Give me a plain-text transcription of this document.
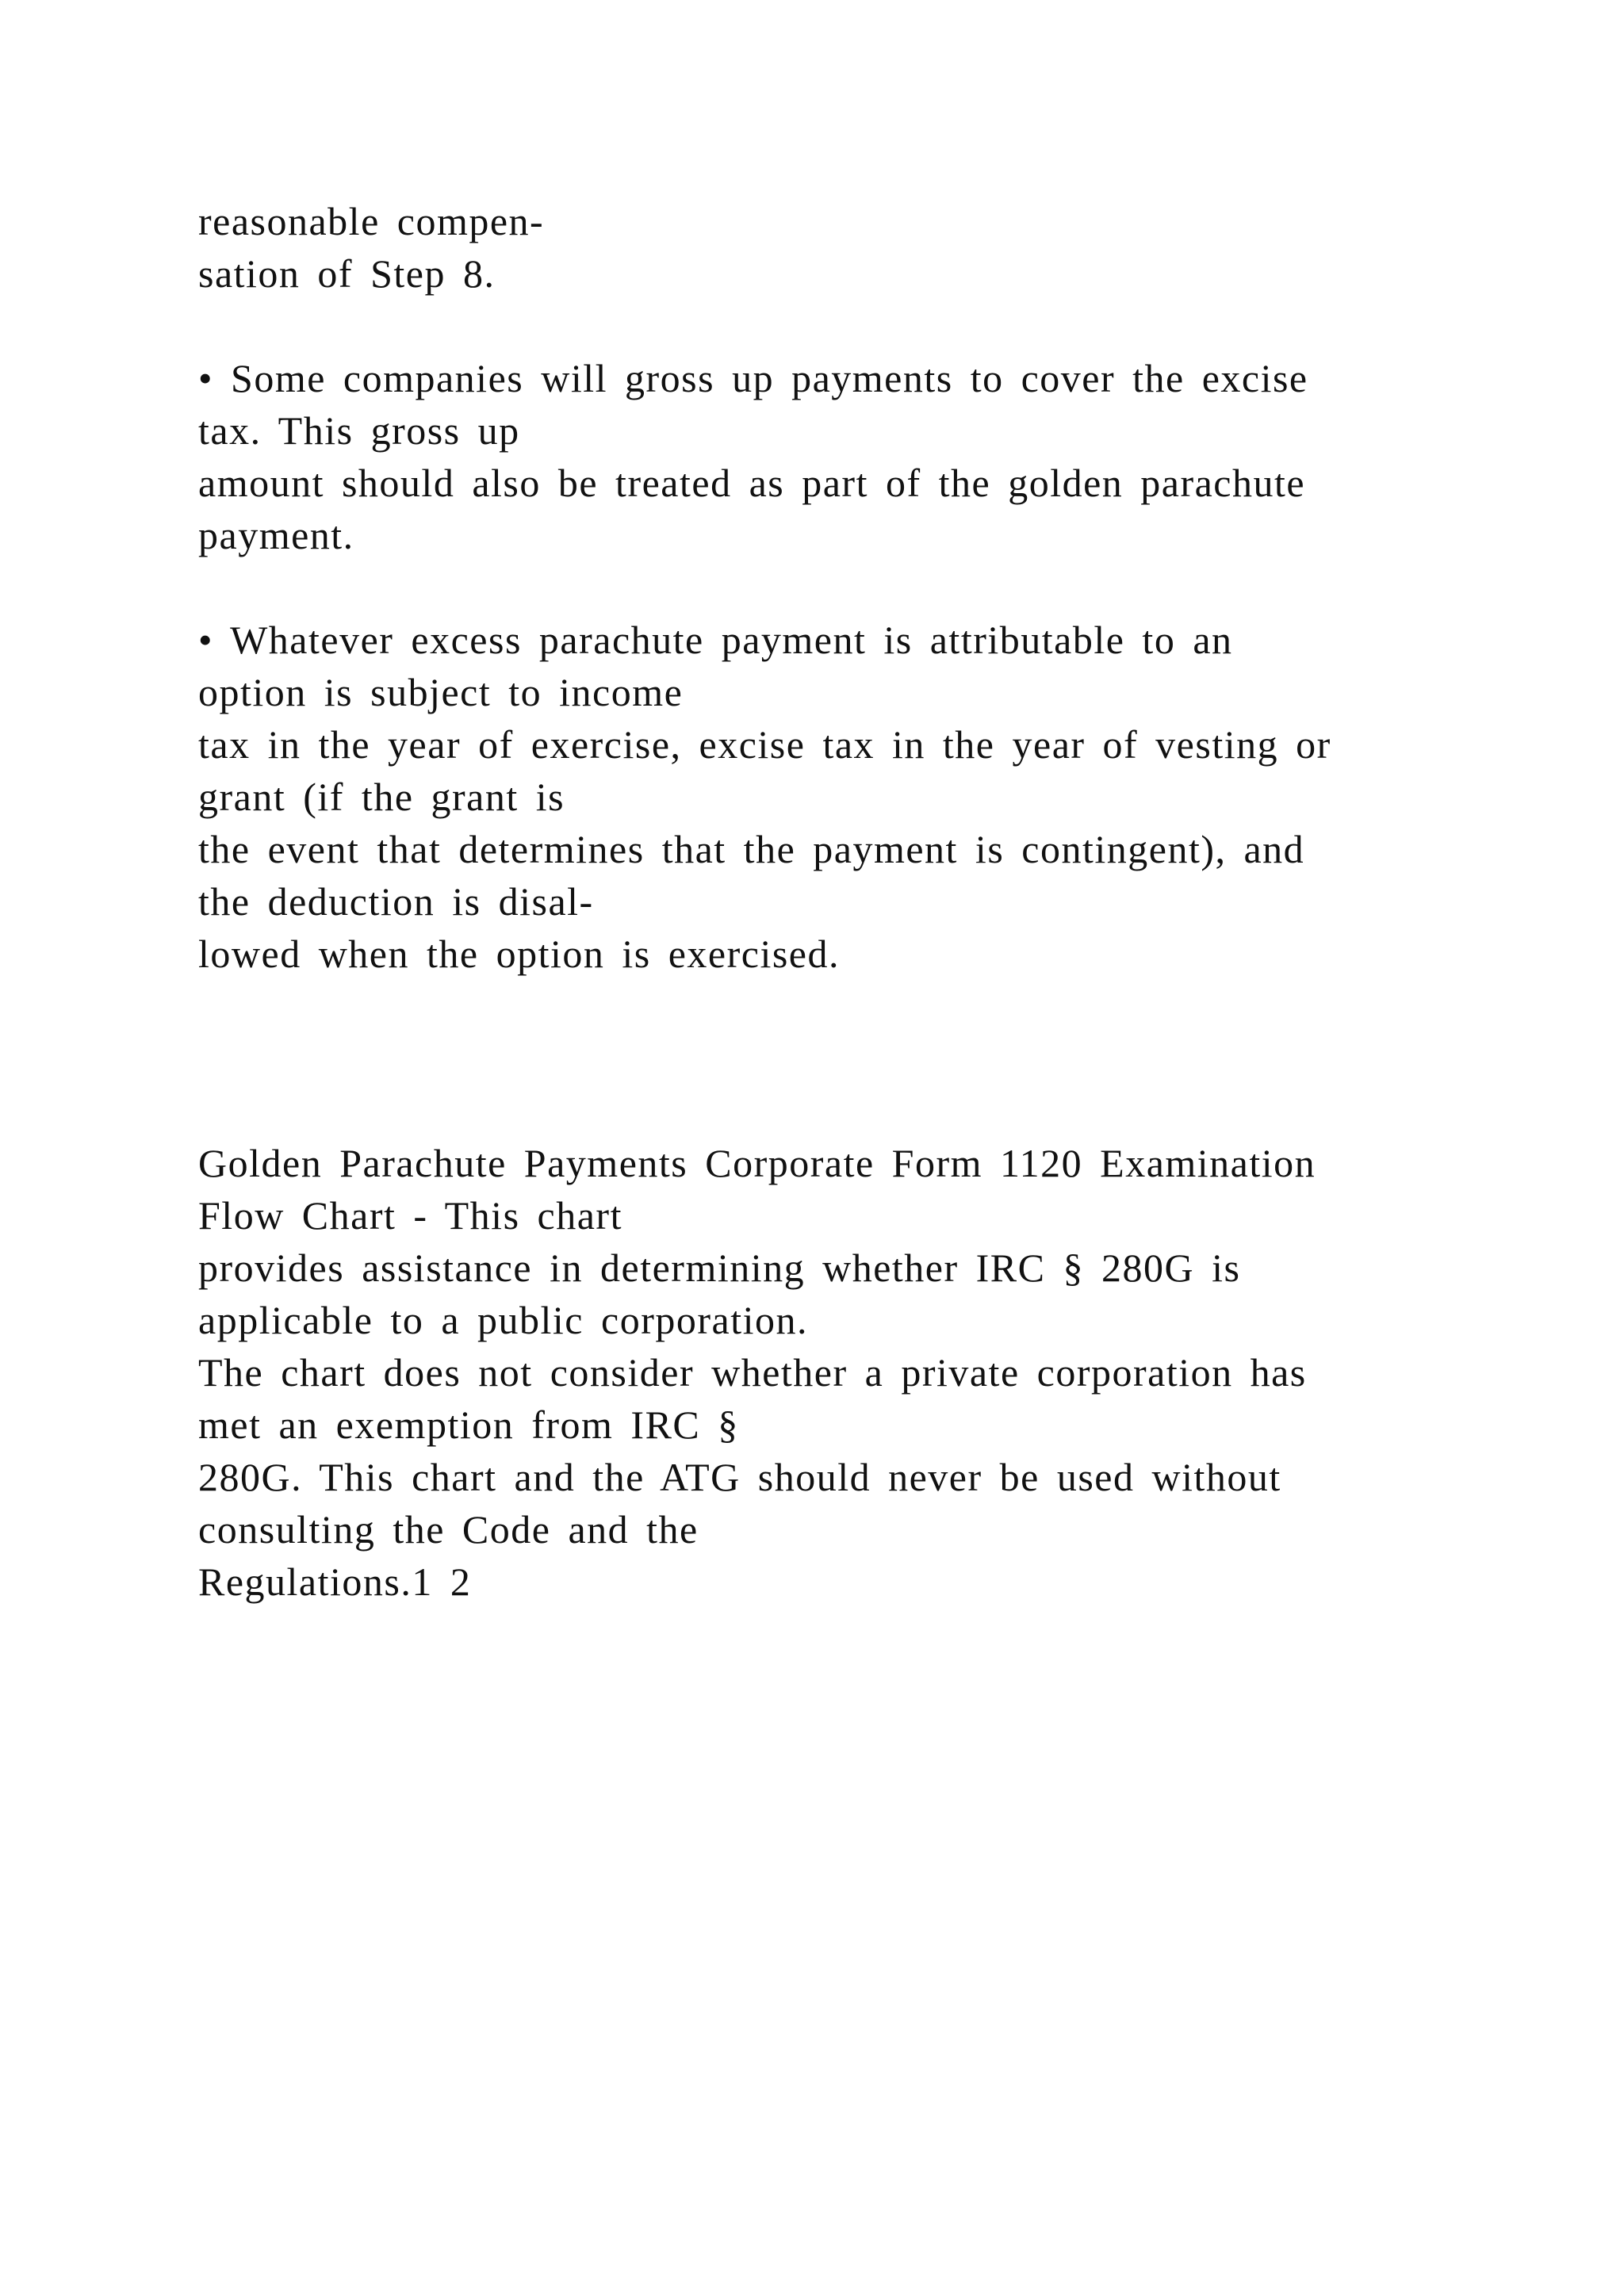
reasonable compen-
sation of Step 8.
• Some companies will gross up payments to cover the excise
tax. This gross up
amount should also be treated as part of the golden parachute
payment.
• Whatever excess parachute payment is attributable to an
option is subject to income
tax in the year of exercise, excise tax in the year of vesting or
grant (if the grant is
the event that determines that the payment is contingent), and
the deduction is disal-
lowed when the option is exercised.
Golden Parachute Payments Corporate Form 1120 Examination
Flow Chart - This chart
provides assistance in determining whether IRC § 280G is
applicable to a public corporation.
The chart does not consider whether a private corporation has
met an exemption from IRC §
280G. This chart and the ATG should never be used without
consulting the Code and the
Regulations.1 2
